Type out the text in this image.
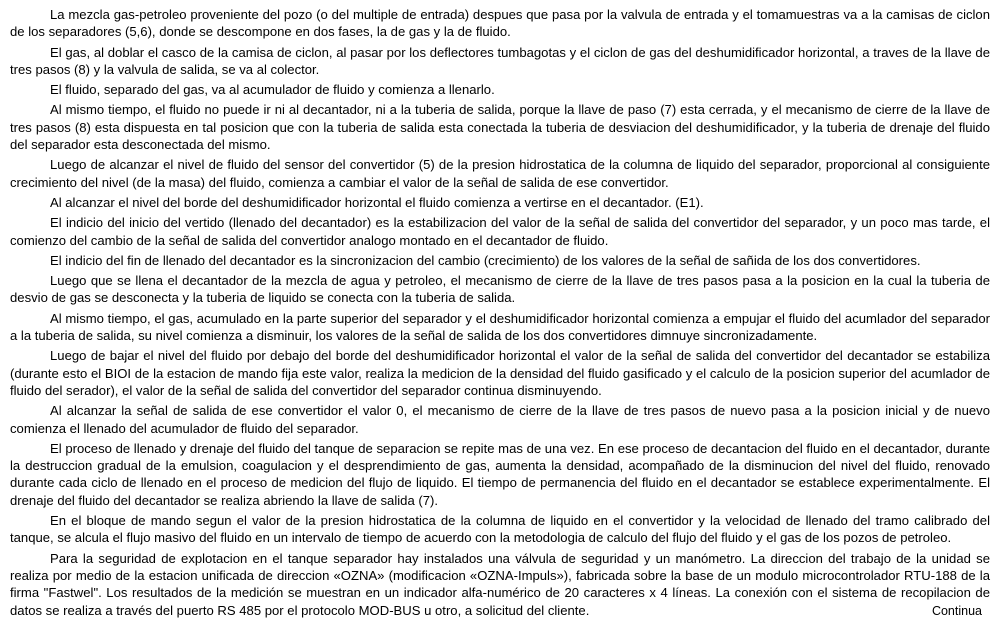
La mezcla gas-petroleo proveniente del pozo (o del multiple de entrada) despues que pasa por la valvula de entrada y el tomamuestras va a la camisas de ciclon de los separadores (5,6), donde se descompone en dos fases, la de gas y la de fluido.

El gas, al doblar el casco de la camisa de ciclon, al pasar por los deflectores tumbagotas y el ciclon de gas del deshumidificador horizontal, a traves de la llave de tres pasos (8) y la valvula de salida, se va al colector.

El fluido, separado del gas, va al acumulador de fluido y comienza a llenarlo.

Al mismo tiempo, el fluido no puede ir ni al decantador, ni a la tuberia de salida, porque la llave de paso (7) esta cerrada, y el mecanismo de cierre de la llave de tres pasos (8) esta dispuesta en tal posicion que con la tuberia de salida esta conectada la tuberia de desviacion del deshumidificador, y la tuberia de drenaje del fluido del separador esta desconectada del mismo.

Luego de alcanzar el nivel de fluido del sensor del convertidor (5) de la presion hidrostatica de la columna de liquido del separador, proporcional al consiguiente crecimiento del nivel (de la masa) del fluido, comienza a cambiar el valor de la señal de salida de ese convertidor.

Al alcanzar el nivel del borde del deshumidificador horizontal el fluido comienza a vertirse en el decantador. (E1).

El indicio del inicio del vertido (llenado del decantador) es la estabilizacion del valor de la señal de salida del convertidor del separador, y un poco mas tarde, el comienzo del cambio de la señal de salida del convertidor analogo montado en el decantador de fluido.

El indicio del fin de llenado del decantador es la sincronizacion del cambio (crecimiento) de los valores de la señal de sañida de los dos convertidores.

Luego que se llena el decantador de la mezcla de agua y petroleo, el mecanismo de cierre de la llave de tres pasos pasa a la posicion en la cual la tuberia de desvio de gas se desconecta y la tuberia de liquido se conecta con la tuberia de salida.

Al mismo tiempo, el gas, acumulado en la parte superior del separador y el deshumidificador horizontal comienza a empujar el fluido del acumlador del separador a la tuberia de salida, su nivel comienza a disminuir, los valores de la señal de salida de los dos convertidores dimnuye sincronizadamente.

Luego de bajar el nivel del fluido por debajo del borde del deshumidificador horizontal el valor de la señal de salida del convertidor del decantador se estabiliza (durante esto el BIOI de la estacion de mando fija este valor, realiza la medicion de la densidad del fluido gasificado y el calculo de la posicion superior del acumlador de fluido del serador), el valor de la señal de salida del convertidor del separador continua disminuyendo.

Al alcanzar la señal de salida de ese convertidor el valor 0, el mecanismo de cierre de la llave de tres pasos de nuevo pasa a la posicion inicial y de nuevo comienza el llenado del acumulador de fluido del separador.

El proceso de llenado y drenaje del fluido del tanque de separacion se repite mas de una vez. En ese proceso de decantacion del fluido en el decantador, durante la destruccion gradual de la emulsion, coagulacion y el desprendimiento de gas, aumenta la densidad, acompañado de la disminucion del nivel del fluido, renovado durante cada ciclo de llenado en el proceso de medicion del flujo de liquido. El tiempo de permanencia del fluido en el decantador se establece experimentalmente. El drenaje del fluido del decantador se realiza abriendo la llave de salida (7).

En el bloque de mando segun el valor de la presion hidrostatica de la columna de liquido en el convertidor y la velocidad de llenado del tramo calibrado del tanque, se alcula el flujo masivo del fluido en un intervalo de tiempo de acuerdo con la metodologia de calculo del flujo del fluido y el gas de los pozos de petroleo.

Para la seguridad de explotacion en el tanque separador hay instalados una válvula de seguridad y un manómetro. La direccion del trabajo de la unidad se realiza por medio de la estacion unificada de direccion «OZNA» (modificacion «OZNA-Impuls»), fabricada sobre la base de un modulo microcontrolador RTU-188 de la firma "Fastwel". Los resultados de la medición se muestran en un indicador alfa-numérico de 20 caracteres x 4 líneas. La conexión con el sistema de recopilacion de datos se realiza a través del puerto RS 485 por el protocolo MOD-BUS u otro, a solicitud del cliente.	Continua
